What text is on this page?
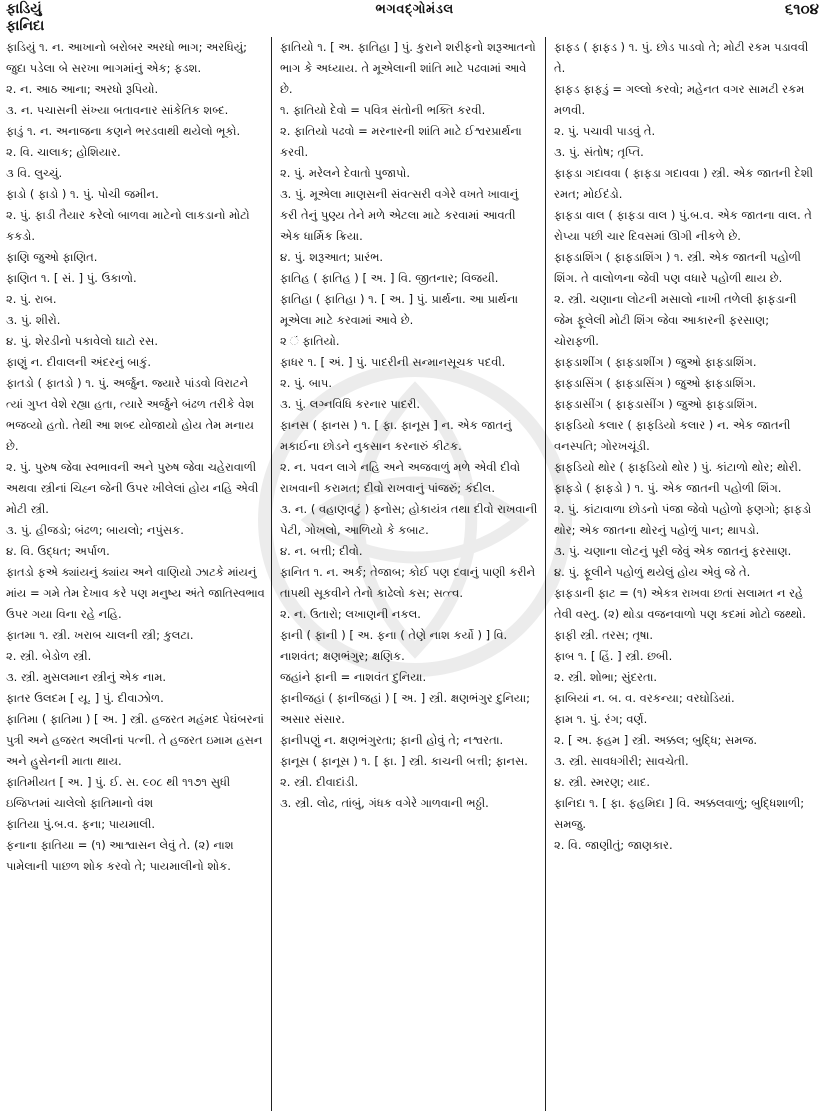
ફાડિયું
ફાનિદા
ભગવદ્ગોમંડલ	૬૧૦૪

ફાડિયું ૧. ન. આખાનો બરોબર અરધો ભાગ; અરધિયું; જુદા પડેલા બે સરખા ભાગમાંનું એક; ફડશ.

૨. ન. આઠ આના; અરધો રૂપિયો.

૩. ન. પચાસની સંખ્યા બતાવનાર સાંકેતિક શબ્દ.

ફાડું ૧. ન. અનાજના કણને ભરડવાથી થયેલો ભૂકો.

૨. વિ. ચાલાક; હોશિયાર.

૩ વિ. લુચ્ચું.

ફાડો ( ફાડો ) ૧. પું. પોચી જમીન.

૨. પું. ફાડી તૈયાર કરેલો બાળવા માટેનો લાકડાનો મોટો કકડો.

ફાણિ જુઓ ફાણિત.

ફાણિત ૧. [ સં. ] પું. ઉકાળો.

૨. પું. રાબ.

૩. પું. શીરો.

૪. પું. શેરડીનો પકાવેલો ઘાટો રસ.

ફાણું ન. દીવાલની અંદરનું બાકું.

ફાતડો ( ફાતડો ) ૧. પું. અર્જુન. જ્યારે પાંડવો વિરાટને ત્યાં ગુપ્ત વેશે રહ્યા હતા, ત્યારે અર્જુને બંઢળ તરીકે વેશ ભજવ્યો હતો. તેથી આ શબ્દ યોજાયો હોય તેમ મનાય છે.

૨. પું. પુરુષ જેવા સ્વભાવની અને પુરુષ જેવા ચહેરાવાળી અથવા સ્ત્રીનાં ચિહ્ન જેની ઉપર ખીલેલાં હોય નહિ એવી મોટી સ્ત્રી.

૩. પું. હીજડો; બંઢળ; બાયલો; નપુંસક.

૪. વિ. ઉદ્ધત; અર્પાળ.

ફાતડો ફએ ક્યાંયનું ક્યાંય અને વાણિયો ઝાટકે માંયનું માંય = ગમે તેમ દેખાવ કરે પણ મનુષ્ય અંતે જાતિસ્વભાવ ઉપર ગયા વિના રહે નહિ.

ફાતમા ૧. સ્ત્રી. ખરાબ ચાલની સ્ત્રી; કુલટા.

૨. સ્ત્રી. બેડોળ સ્ત્રી.

૩. સ્ત્રી. મુસલમાન સ્ત્રીનું એક નામ.

ફાતર ઉલદમ [ યૂ. ] પું. દીવાઝોળ.

ફાતિમા ( ફાતિમા ) [ અ. ] સ્ત્રી. હજરત મહંમદ પેઘંબરનાં પુત્રી અને હજરત અલીનાં પત્ની. તે હજરત ઇમામ હસન અને હુસેનની માતા થાય.

ફાતિમીયત [ અ. ] પું. ઈ. સ. ૯૦૮ થી ૧૧૭૧ સુધી ઇજિપ્તમાં ચાલેલો ફાતિમાનો વંશ

ફાતિયા પું.બ.વ. ફના; પાયમાલી.

ફનાના ફાતિયા = (૧) આશ્વાસન લેવું તે. (૨) નાશ પામેલાની પાછળ શોક કરવો તે; પાયમાલીનો શોક.

ફાતિયો ૧. [ અ. ફાતિહા ] પું. કુરાને શરીફનો શરૂઆતનો ભાગ કે અધ્યાય. તે મૂએલાની શાંતિ માટે પઢવામાં આવે છે.

૧. ફાતિયો દેવો = પવિત્ર સંતોની ભક્તિ કરવી.

૨. ફાતિયો પઢવો = મરનારની શાંતિ માટે ઈશ્વરપ્રાર્થના કરવી.

૨. પું. મરેલને દેવાતો પુજાપો.

૩. પું. મૂએલા માણસની સંવત્સરી વગેરે વખતે ખાવાનું કરી તેનું પુણ્ય તેને મળે એટલા માટે કરવામાં આવતી એક ધાર્મિક ક્રિયા.

૪. પું. શરૂઆત; પ્રારંભ.

ફાતિહ ( ફાતિહ ) [ અ. ] વિ. જીતનાર; વિજયી.

ફાતિહા ( ફાતિહા ) ૧. [ અ. ] પું. પ્રાર્થના. આ પ્રાર્થના મૂએલા માટે કરવામાં આવે છે.

૨ ં ફાતિયો.

ફાધર ૧. [ અં. ] પું. પાદરીની સન્માનસૂચક પદવી.

૨. પું. બાપ.

૩. પું. લગ્નવિધિ કરનાર પાદરી.

ફાનસ ( ફાનસ ) ૧. [ ફા. ફાનૂસ ] ન. એક જાતનું મકાઈના છોડને નુકસાન કરનારું કીટક.

૨. ન. પવન લાગે નહિ અને અજવાળું મળે એવી દીવો રાખવાની કરામત; દીવો રાખવાનું પાંજરું; કંદીલ.

૩. ન. ( વહાણવટું ) ફ્નોસ; હોકાયંત્ર તથા દીવો રાખવાની પેટી, ગોખલો, આળિયો કે કબાટ.

૪. ન. બત્તી; દીવો.

ફાનિત ૧. ન. અર્ક; તેજાબ; કોઈ પણ દવાનું પાણી કરીને તાપથી સૂકવીને તેનો કાઢેલો કસ; સત્ત્વ.

૨. ન. ઉતારો; લખાણની નકલ.

ફાની ( ફાની ) [ અ. ફના ( તેણે નાશ કર્યો ) ] વિ. નાશવંત; ક્ષણભંગુર; ક્ષણિક.

જહાંને ફાની = નાશવંત દુનિયા.

ફાનીજહાં ( ફાનીજહાં ) [ અ. ] સ્ત્રી. ક્ષણભંગુર દુનિયા; અસાર સંસાર.

ફાનીપણું ન. ક્ષણભંગુરતા; ફાની હોવું તે; નશ્વરતા.

ફાનૂસ ( ફાનૂસ ) ૧. [ ફા. ] સ્ત્રી. કાચની બત્તી; ફાનસ.

૨. સ્ત્રી. દીવાદાંડી.

૩. સ્ત્રી. લોઢ, તાંબું, ગંધક વગેરે ગાળવાની ભઠ્ઠી.

ફાફડ ( ફાફડ ) ૧. પું. છોડ પાડવો તે; મોટી રકમ પડાવવી તે.

ફાફડ ફાફડું = ગલ્લો કરવો; મહેનત વગર સામટી રકમ મળવી.

૨. પું. પચાવી પાડવું તે.

૩. પું. સંતોષ; તૃપ્તિ.

ફાફડા ગદાવવા ( ફાફડા ગદાવવા ) સ્ત્રી. એક જાતની દેશી રમત; મોઈદંડો.

ફાફડા વાલ ( ફાફડા વાલ ) પું.બ.વ. એક જાતના વાલ. તે રોપ્યા પછી ચાર દિવસમાં ઊગી નીકળે છે.

ફાફડાશિંગ ( ફાફડાશિંગ ) ૧. સ્ત્રી. એક જાતની પહોળી શિંગ. તે વાલોળના જેવી પણ વધારે પહોળી થાય છે.

૨. સ્ત્રી. ચણાના લોટની મસાલો નાખી તળેલી ફાફડાની જેમ ફૂલેલી મોટી શિંગ જેવા આકારની ફરસાણ; ચોરાફળી.

ફાફડાશીંગ ( ફાફડાશીંગ ) જુઓ ફાફડાશિંગ.

ફાફડાસિંગ ( ફાફડાસિંગ ) જુઓ ફાફડાશિંગ.

ફાફડાસીંગ ( ફાફડાસીંગ ) જુઓ ફાફડાશિંગ.

ફાફડિયો કલાર ( ફાફડિયો કલાર ) ન. એક જાતની વનસ્પતિ; ગોરખચૂંડી.

ફાફડિયો થોર ( ફાફડિયો થોર ) પું. કાંટાળો થોર; થોરી.

ફાફડો ( ફાફડો ) ૧. પું. એક જાતની પહોળી શિંગ.

૨. પું. કાંટાવાળા છોડનો પંજા જેવો પહોળો ફણગો; ફાફડો થોર; એક જાતના થોરનું પહોળું પાન; થાપડો.

૩. પું. ચણાના લોટનું પૂરી જેવું એક જાતનું ફરસાણ.

૪. પું. ફૂલીને પહોળું થયેલું હોય એવું જે તે.

ફાફડાની ફાટ = (૧) એકત્ર રાખવા છતાં સલામત ન રહે તેવી વસ્તુ. (૨) થોડા વજનવાળો પણ કદમાં મોટો જથ્થો.

ફાફી સ્ત્રી. તરસ; તૃષા.

ફાબ ૧. [ હિં. ] સ્ત્રી. છબી.

૨. સ્ત્રી. શોભા; સુંદરતા.

ફાબિયાં ન. બ. વ. વરકન્યા; વરઘોડિયાં.

ફામ ૧. પું. રંગ; વર્ણ.

૨. [ અ. ફહમ ] સ્ત્રી. અક્કલ; બુદ્ધિ; સમજ.

૩. સ્ત્રી. સાવધગીરી; સાવચેતી.

૪. સ્ત્રી. સ્મરણ; યાદ.

ફાનિદા ૧. [ ફા. ફહમિદા ] વિ. અક્કલવાળું; બુદ્ધિશાળી; સમજુ.

૨. વિ. જાણીતું; જાણકાર.
